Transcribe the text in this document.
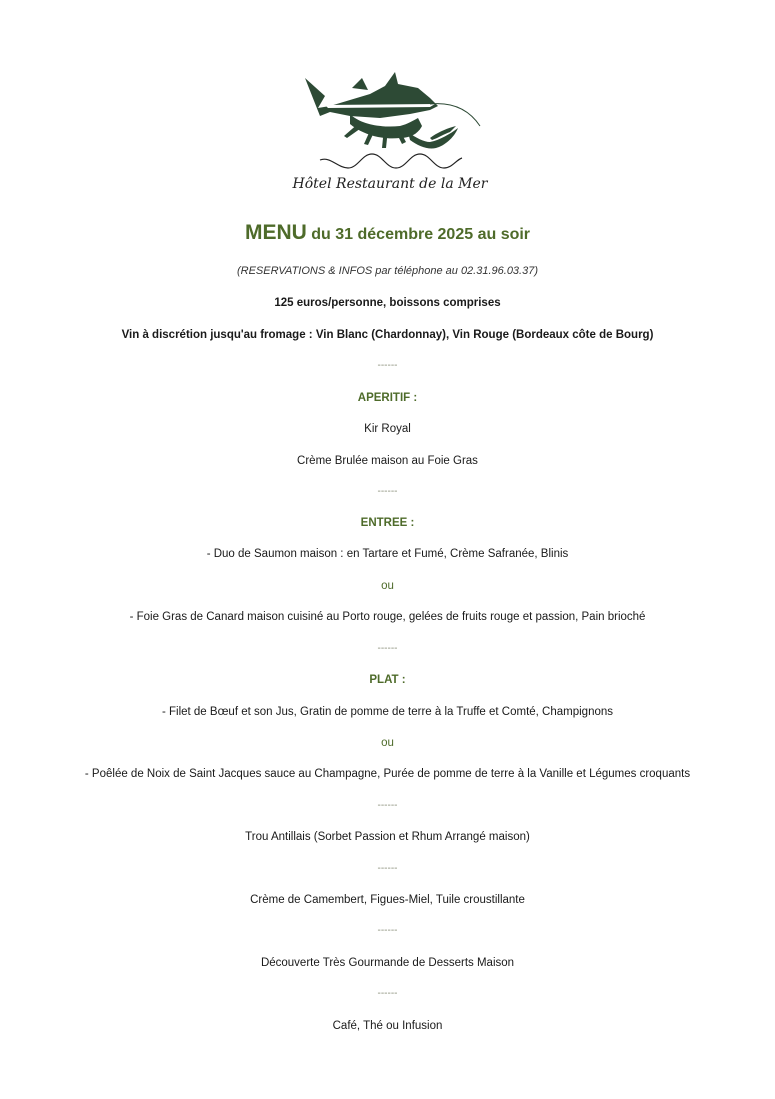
Hôtel Restaurant de la Mer
MENU du 31 décembre 2025 au soir
(RESERVATIONS & INFOS par téléphone au 02.31.96.03.37)
125 euros/personne, boissons comprises
Vin à discrétion jusqu'au fromage : Vin Blanc (Chardonnay), Vin Rouge (Bordeaux côte de Bourg)
------
APERITIF :
Kir Royal
Crème Brulée maison au Foie Gras
------
ENTREE :
- Duo de Saumon maison : en Tartare et Fumé, Crème Safranée, Blinis
ou
- Foie Gras de Canard maison cuisiné au Porto rouge, gelées de fruits rouge et passion, Pain brioché
------
PLAT :
- Filet de Bœuf et son Jus, Gratin de pomme de terre à la Truffe et Comté, Champignons
ou
- Poêlée de Noix de Saint Jacques sauce au Champagne, Purée de pomme de terre à la Vanille et Légumes croquants
------
Trou Antillais (Sorbet Passion et Rhum Arrangé maison)
------
Crème de Camembert, Figues-Miel, Tuile croustillante
------
Découverte Très Gourmande de Desserts Maison
------
Café, Thé ou Infusion
